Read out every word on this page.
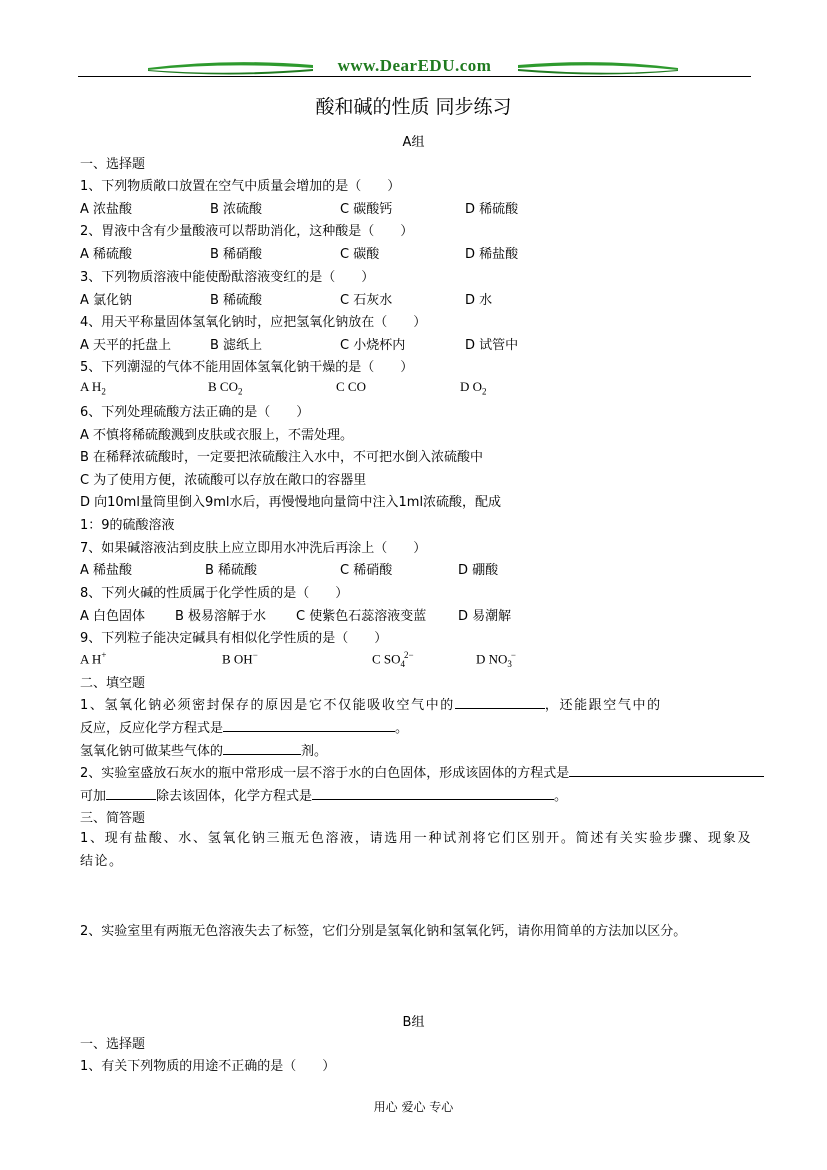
www.DearEDU.com
酸和碱的性质 同步练习
A组
一、选择题
1、下列物质敞口放置在空气中质量会增加的是（　　）
A 浓盐酸	B 浓硫酸	C 碳酸钙	D 稀硫酸
2、胃液中含有少量酸液可以帮助消化，这种酸是（　　）
A 稀硫酸	B 稀硝酸	C 碳酸	D 稀盐酸
3、下列物质溶液中能使酚酞溶液变红的是（　　）
A 氯化钠	B 稀硫酸	C 石灰水	D 水
4、用天平称量固体氢氧化钠时，应把氢氧化钠放在（　　）
A 天平的托盘上	B 滤纸上	C 小烧杯内	D 试管中
5、下列潮湿的气体不能用固体氢氧化钠干燥的是（　　）
A $H_2$	B $CO_2$	C CO	D $O_2$
6、下列处理硫酸方法正确的是（　　）
A 不慎将稀硫酸溅到皮肤或衣服上，不需处理。
B 在稀释浓硫酸时，一定要把浓硫酸注入水中，不可把水倒入浓硫酸中
C 为了使用方便，浓硫酸可以存放在敞口的容器里
D 向10ml量筒里倒入9ml水后，再慢慢地向量筒中注入1ml浓硫酸，配成
1：9的硫酸溶液
7、如果碱溶液沾到皮肤上应立即用水冲洗后再涂上（　　）
A 稀盐酸	B 稀硫酸	C 稀硝酸	D 硼酸
8、下列火碱的性质属于化学性质的是（　　）
A 白色固体 B 极易溶解于水 C 使紫色石蕊溶液变蓝 D 易潮解
9、下列粒子能决定碱具有相似化学性质的是（　　）
A H+	B OH−	C $SO_4^{2-}$	D $NO_3^-$
二、填空题
1、氢氧化钠必须密封保存的原因是它不仅能吸收空气中的	，还能跟空气中的
反应，反应化学方程式是	。
氢氧化钠可做某些气体的	剂。
2、实验室盛放石灰水的瓶中常形成一层不溶于水的白色固体，形成该固体的方程式是
可加	除去该固体，化学方程式是	。
三、简答题
1、现有盐酸、水、氢氧化钠三瓶无色溶液，请选用一种试剂将它们区别开。简述有关实验步骤、现象及结论。
2、实验室里有两瓶无色溶液失去了标签，它们分别是氢氧化钠和氢氧化钙，请你用简单的方法加以区分。
B组
一、选择题
1、有关下列物质的用途不正确的是（　　）
用心 爱心 专心
